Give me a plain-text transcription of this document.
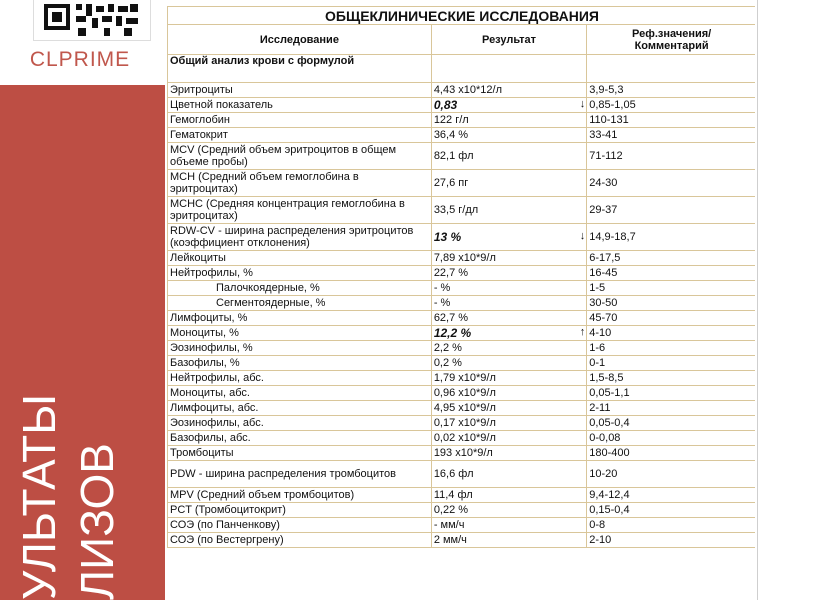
CLPRIME
УЛЬТАТЫ ЛИЗОВ
ОБЩЕКЛИНИЧЕСКИЕ ИССЛЕДОВАНИЯ		
Исследование	Результат	Реф.значения/
Комментарий
Общий анализ крови с формулой		
Эритроциты	4,43 х10*12/л	3,9-5,3
Цветной показатель	0,83 ↓	0,85-1,05
Гемоглобин	122 г/л	110-131
Гематокрит	36,4 %	33-41
MCV (Средний объем эритроцитов в общем объеме пробы)	82,1 фл	71-112
MCH (Средний объем гемоглобина в эритроцитах)	27,6 пг	24-30
MCHC (Средняя концентрация гемоглобина в эритроцитах)	33,5 г/дл	29-37
RDW-CV - ширина распределения эритроцитов (коэффициент отклонения)	13 % ↓	14,9-18,7
Лейкоциты	7,89 х10*9/л	6-17,5
Нейтрофилы, %	22,7 %	16-45
Палочкоядерные, %	- %	1-5
Сегментоядерные, %	- %	30-50
Лимфоциты, %	62,7 %	45-70
Моноциты, %	12,2 % ↑	4-10
Эозинофилы, %	2,2 %	1-6
Базофилы, %	0,2 %	0-1
Нейтрофилы, абс.	1,79 х10*9/л	1,5-8,5
Моноциты, абс.	0,96 х10*9/л	0,05-1,1
Лимфоциты, абс.	4,95 х10*9/л	2-11
Эозинофилы, абс.	0,17 х10*9/л	0,05-0,4
Базофилы, абс.	0,02 х10*9/л	0-0,08
Тромбоциты	193 х10*9/л	180-400
PDW - ширина распределения тромбоцитов	16,6 фл	10-20
MPV (Средний объем тромбоцитов)	11,4 фл	9,4-12,4
PCT (Тромбоцитокрит)	0,22 %	0,15-0,4
СОЭ (по Панченкову)	- мм/ч	0-8
СОЭ (по Вестергрену)	2 мм/ч	2-10
